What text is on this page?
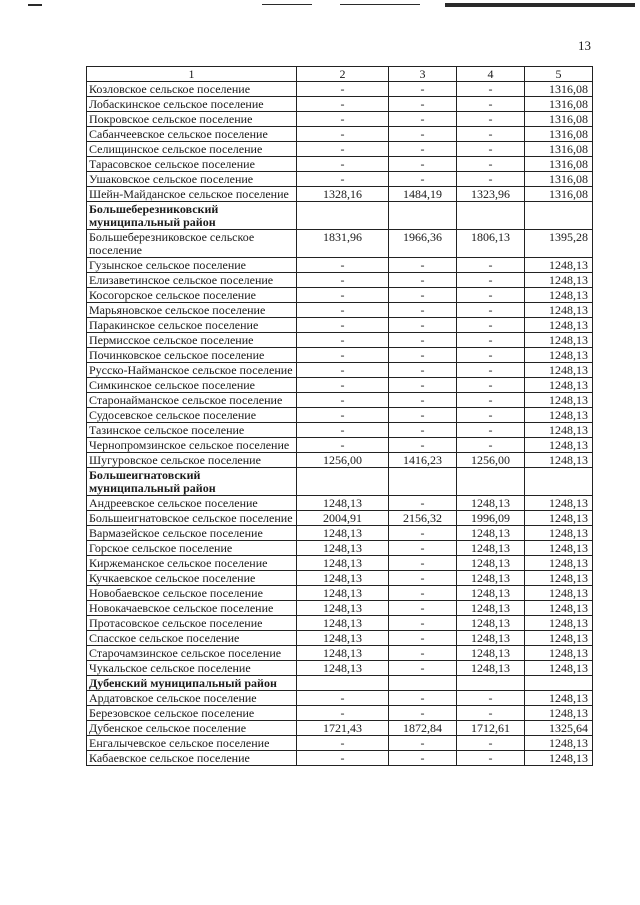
13
1	2	3	4	5
Козловское сельское поселение	-	-	-	1316,08
Лобаскинское сельское поселение	-	-	-	1316,08
Покровское сельское поселение	-	-	-	1316,08
Сабанчеевское сельское поселение	-	-	-	1316,08
Селищинское сельское поселение	-	-	-	1316,08
Тарасовское сельское поселение	-	-	-	1316,08
Ушаковское сельское поселение	-	-	-	1316,08
Шейн-Майданское сельское поселение	1328,16	1484,19	1323,96	1316,08
Большеберезниковский муниципальный район				
Большеберезниковское сельское поселение	1831,96	1966,36	1806,13	1395,28
Гузынское сельское поселение	-	-	-	1248,13
Елизаветинское сельское поселение	-	-	-	1248,13
Косогорское сельское поселение	-	-	-	1248,13
Марьяновское сельское поселение	-	-	-	1248,13
Паракинское сельское поселение	-	-	-	1248,13
Пермисское сельское поселение	-	-	-	1248,13
Починковское сельское поселение	-	-	-	1248,13
Русско-Найманское сельское поселение	-	-	-	1248,13
Симкинское сельское поселение	-	-	-	1248,13
Старонайманское сельское поселение	-	-	-	1248,13
Судосевское сельское поселение	-	-	-	1248,13
Тазинское сельское поселение	-	-	-	1248,13
Чернопромзинское сельское поселение	-	-	-	1248,13
Шугуровское сельское поселение	1256,00	1416,23	1256,00	1248,13
Большеигнатовский муниципальный район				
Андреевское сельское поселение	1248,13	-	1248,13	1248,13
Большеигнатовское сельское поселение	2004,91	2156,32	1996,09	1248,13
Вармазейское сельское поселение	1248,13	-	1248,13	1248,13
Горское сельское поселение	1248,13	-	1248,13	1248,13
Киржеманское сельское поселение	1248,13	-	1248,13	1248,13
Кучкаевское сельское поселение	1248,13	-	1248,13	1248,13
Новобаевское сельское поселение	1248,13	-	1248,13	1248,13
Новокачаевское сельское поселение	1248,13	-	1248,13	1248,13
Протасовское сельское поселение	1248,13	-	1248,13	1248,13
Спасское сельское поселение	1248,13	-	1248,13	1248,13
Старочамзинское сельское поселение	1248,13	-	1248,13	1248,13
Чукальское сельское поселение	1248,13	-	1248,13	1248,13
Дубенский муниципальный район				
Ардатовское сельское поселение	-	-	-	1248,13
Березовское сельское поселение	-	-	-	1248,13
Дубенское сельское поселение	1721,43	1872,84	1712,61	1325,64
Енгалычевское сельское поселение	-	-	-	1248,13
Кабаевское сельское поселение	-	-	-	1248,13
